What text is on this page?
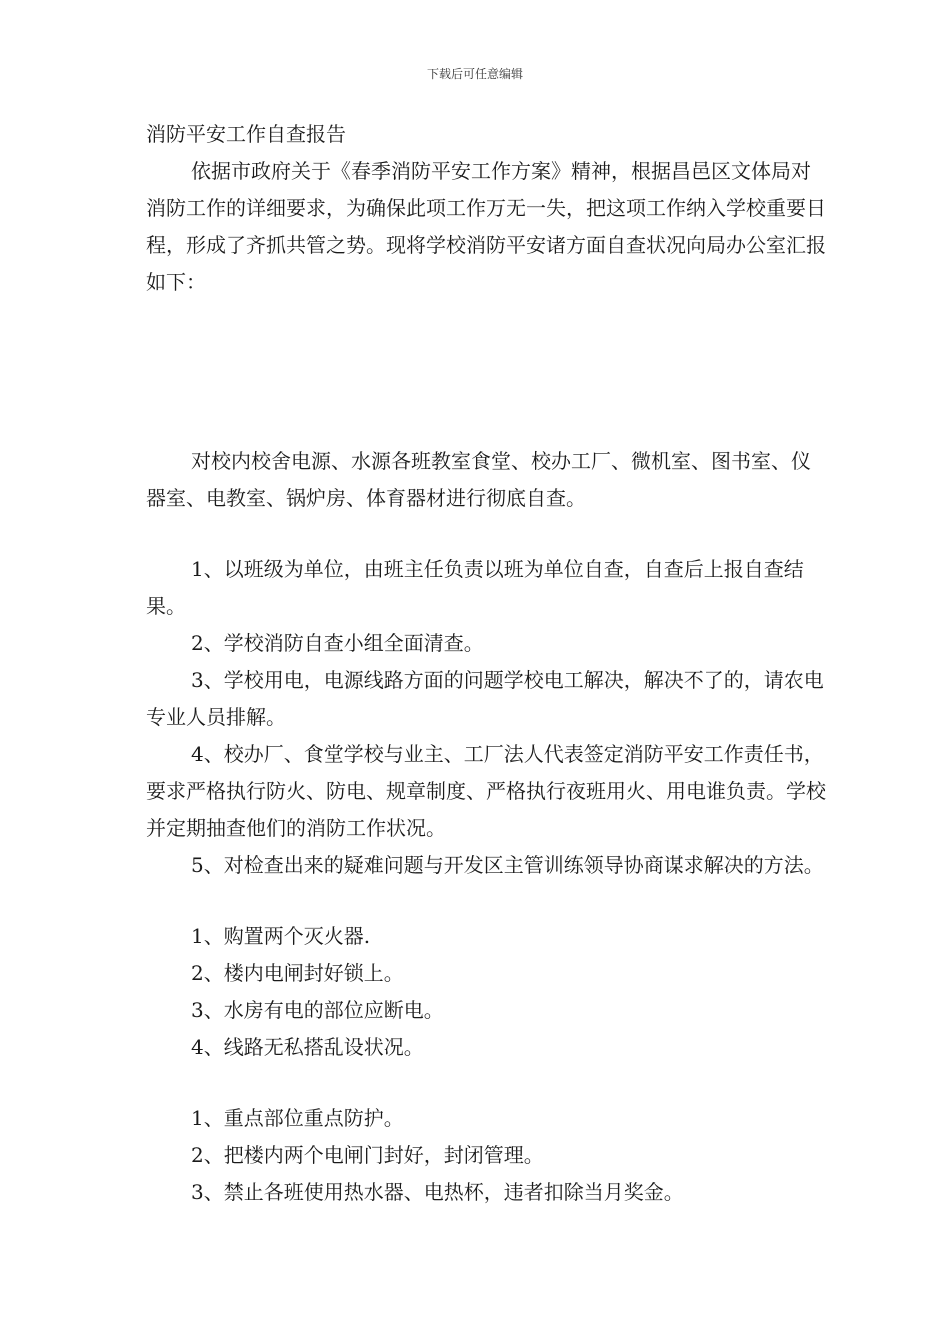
下载后可任意编辑

消防平安工作自查报告

依据市政府关于《春季消防平安工作方案》精神，根据昌邑区文体局对消防工作的详细要求，为确保此项工作万无一失，把这项工作纳入学校重要日程，形成了齐抓共管之势。现将学校消防平安诸方面自查状况向局办公室汇报如下：

对校内校舍电源、水源各班教室食堂、校办工厂、微机室、图书室、仪器室、电教室、锅炉房、体育器材进行彻底自查。

1、以班级为单位，由班主任负责以班为单位自查，自查后上报自查结果。

2、学校消防自查小组全面清查。

3、学校用电，电源线路方面的问题学校电工解决，解决不了的，请农电专业人员排解。

4、校办厂、食堂学校与业主、工厂法人代表签定消防平安工作责任书，要求严格执行防火、防电、规章制度、严格执行夜班用火、用电谁负责。学校并定期抽查他们的消防工作状况。

5、对检查出来的疑难问题与开发区主管训练领导协商谋求解决的方法。

1、购置两个灭火器.

2、楼内电闸封好锁上。

3、水房有电的部位应断电。

4、线路无私搭乱设状况。

1、重点部位重点防护。

2、把楼内两个电闸门封好，封闭管理。

3、禁止各班使用热水器、电热杯，违者扣除当月奖金。
